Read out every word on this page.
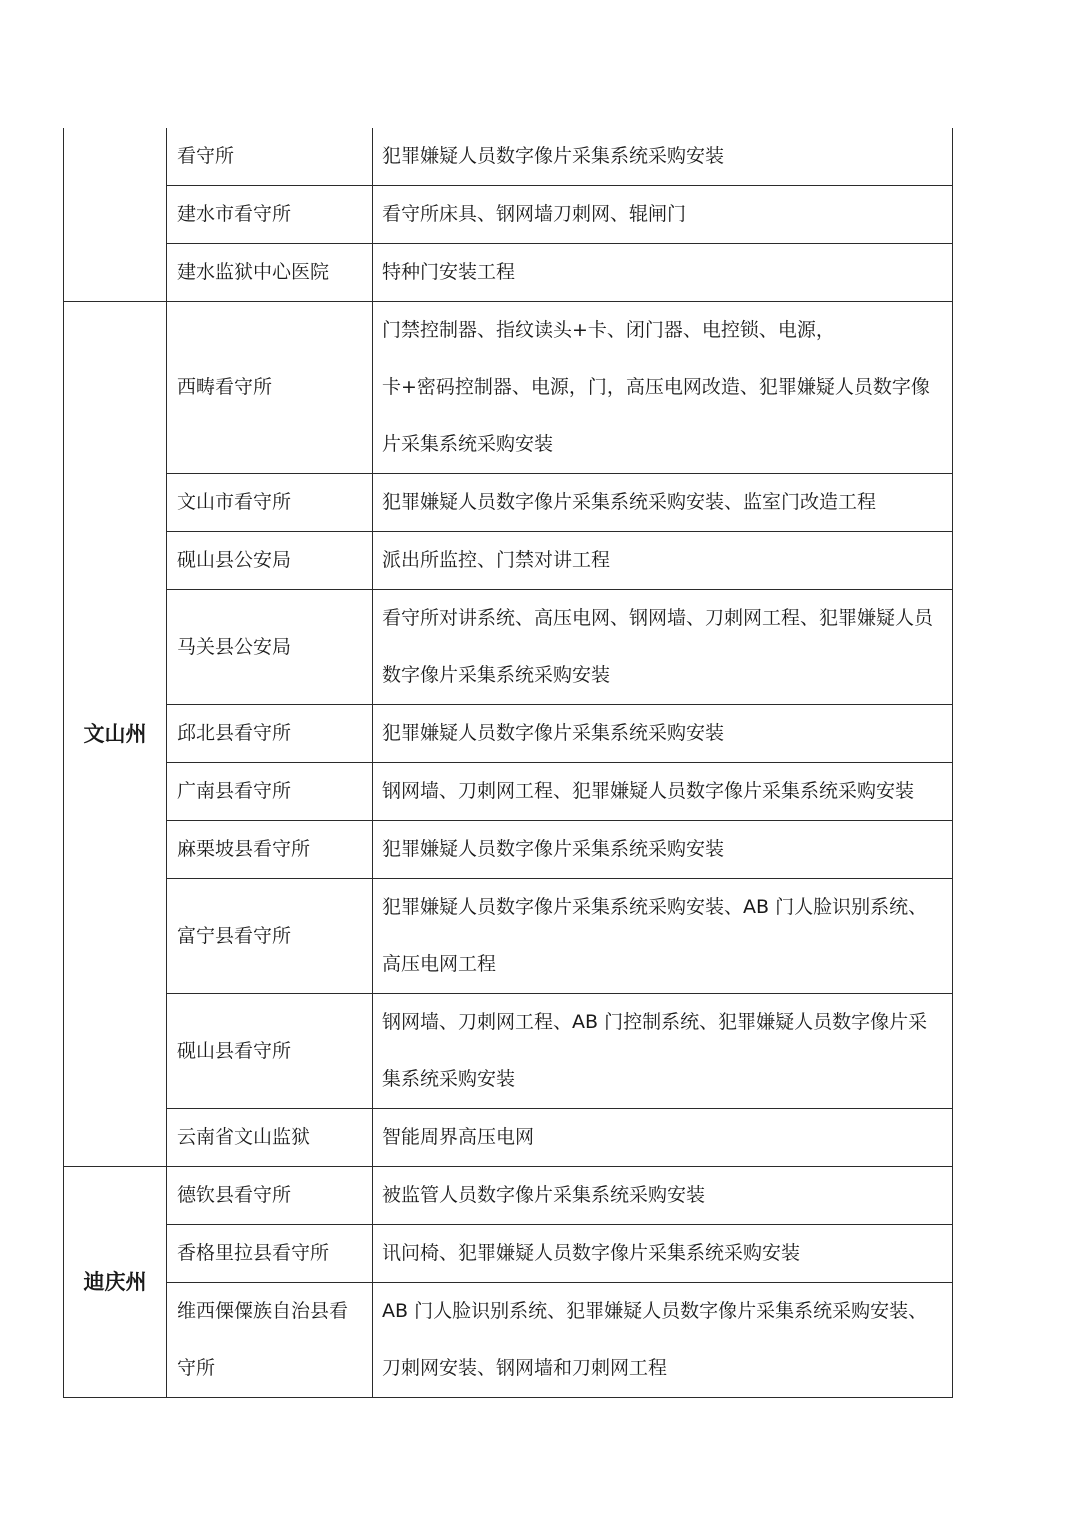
	看守所	犯罪嫌疑人员数字像片采集系统采购安装
	建水市看守所	看守所床具、钢网墙刀刺网、辊闸门
	建水监狱中心医院	特种门安装工程
文山州	西畴看守所	门禁控制器、指纹读头+卡、闭门器、电控锁、电源，
卡+密码控制器、电源，门，高压电网改造、犯罪嫌疑人员数字像片采集系统采购安装
	文山市看守所	犯罪嫌疑人员数字像片采集系统采购安装、监室门改造工程
	砚山县公安局	派出所监控、门禁对讲工程
	马关县公安局	看守所对讲系统、高压电网、钢网墙、刀刺网工程、犯罪嫌疑人员数字像片采集系统采购安装
	邱北县看守所	犯罪嫌疑人员数字像片采集系统采购安装
	广南县看守所	钢网墙、刀刺网工程、犯罪嫌疑人员数字像片采集系统采购安装
	麻栗坡县看守所	犯罪嫌疑人员数字像片采集系统采购安装
	富宁县看守所	犯罪嫌疑人员数字像片采集系统采购安装、AB 门人脸识别系统、高压电网工程
	砚山县看守所	钢网墙、刀刺网工程、AB 门控制系统、犯罪嫌疑人员数字像片采集系统采购安装
	云南省文山监狱	智能周界高压电网
迪庆州	德钦县看守所	被监管人员数字像片采集系统采购安装
	香格里拉县看守所	讯问椅、犯罪嫌疑人员数字像片采集系统采购安装
	维西傈僳族自治县看守所	AB 门人脸识别系统、犯罪嫌疑人员数字像片采集系统采购安装、刀刺网安装、钢网墙和刀刺网工程
